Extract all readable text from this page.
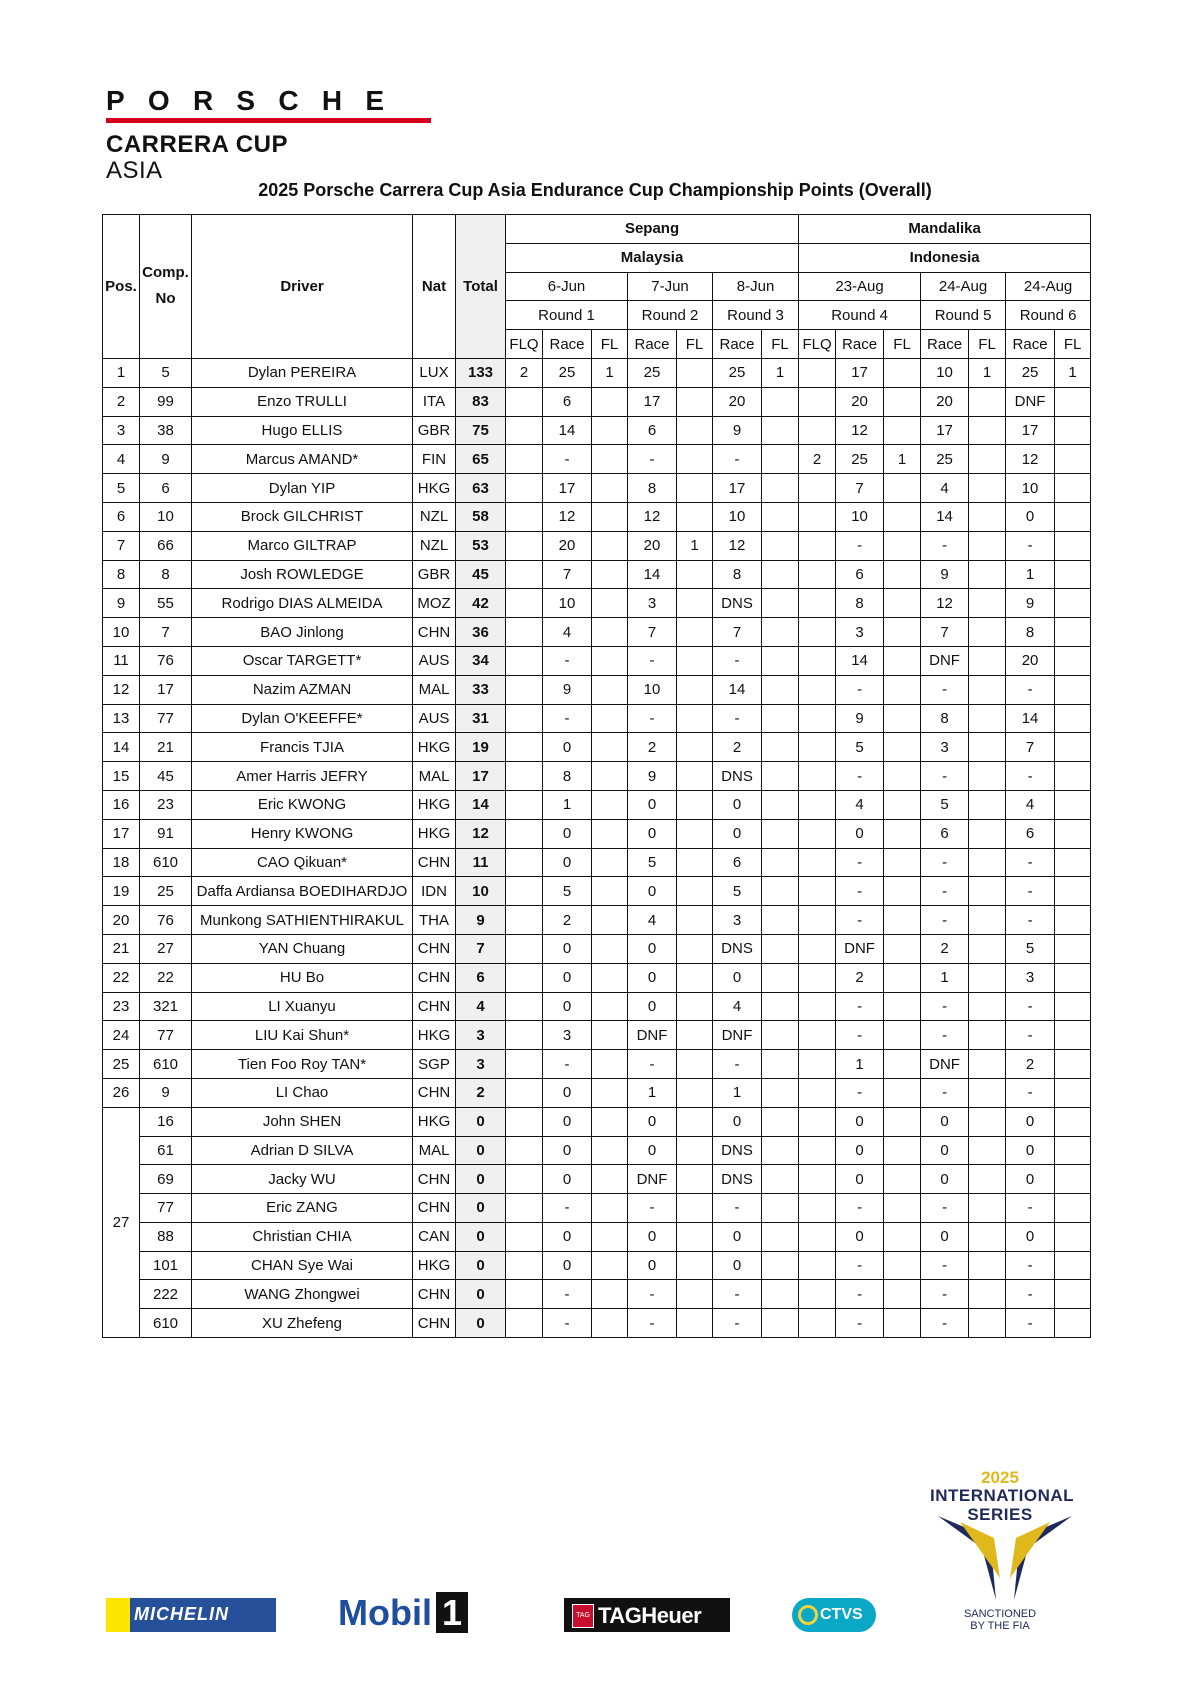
PORSCHE
CARRERA CUP
ASIA
2025 Porsche Carrera Cup Asia Endurance Cup Championship Points (Overall)
Pos.	Comp. No	Driver	Nat	Total	Sepang							Mandalika						
					Malaysia							Indonesia						
					6-Jun			7-Jun		8-Jun		23-Aug			24-Aug		24-Aug	
					Round 1			Round 2		Round 3		Round 4			Round 5		Round 6	
					FLQ	Race	FL	Race	FL	Race	FL	FLQ	Race	FL	Race	FL	Race	FL
1	5	Dylan PEREIRA	LUX	133	2	25	1	25		25	1		17		10	1	25	1
2	99	Enzo TRULLI	ITA	83		6		17		20			20		20		DNF	
3	38	Hugo ELLIS	GBR	75		14		6		9			12		17		17	
4	9	Marcus AMAND*	FIN	65		-		-		-		2	25	1	25		12	
5	6	Dylan YIP	HKG	63		17		8		17			7		4		10	
6	10	Brock GILCHRIST	NZL	58		12		12		10			10		14		0	
7	66	Marco GILTRAP	NZL	53		20		20	1	12			-		-		-	
8	8	Josh ROWLEDGE	GBR	45		7		14		8			6		9		1	
9	55	Rodrigo DIAS ALMEIDA	MOZ	42		10		3		DNS			8		12		9	
10	7	BAO Jinlong	CHN	36		4		7		7			3		7		8	
11	76	Oscar TARGETT*	AUS	34		-		-		-			14		DNF		20	
12	17	Nazim AZMAN	MAL	33		9		10		14			-		-		-	
13	77	Dylan O'KEEFFE*	AUS	31		-		-		-			9		8		14	
14	21	Francis TJIA	HKG	19		0		2		2			5		3		7	
15	45	Amer Harris JEFRY	MAL	17		8		9		DNS			-		-		-	
16	23	Eric KWONG	HKG	14		1		0		0			4		5		4	
17	91	Henry KWONG	HKG	12		0		0		0			0		6		6	
18	610	CAO Qikuan*	CHN	11		0		5		6			-		-		-	
19	25	Daffa Ardiansa BOEDIHARDJO	IDN	10		5		0		5			-		-		-	
20	76	Munkong SATHIENTHIRAKUL	THA	9		2		4		3			-		-		-	
21	27	YAN Chuang	CHN	7		0		0		DNS			DNF		2		5	
22	22	HU Bo	CHN	6		0		0		0			2		1		3	
23	321	LI Xuanyu	CHN	4		0		0		4			-		-		-	
24	77	LIU Kai Shun*	HKG	3		3		DNF		DNF			-		-		-	
25	610	Tien Foo Roy TAN*	SGP	3		-		-		-			1		DNF		2	
26	9	LI Chao	CHN	2		0		1		1			-		-		-	
27	16	John SHEN	HKG	0		0		0		0			0		0		0	
	61	Adrian D SILVA	MAL	0		0		0		DNS			0		0		0	
	69	Jacky WU	CHN	0		0		DNF		DNS			0		0		0	
	77	Eric ZANG	CHN	0		-		-		-			-		-		-	
	88	Christian CHIA	CAN	0		0		0		0			0		0		0	
	101	CHAN Sye Wai	HKG	0		0		0		0			-		-		-	
	222	WANG Zhongwei	CHN	0		-		-		-			-		-		-	
	610	XU Zhefeng	CHN	0		-		-		-			-		-		-	
MICHELIN	Mobil 1	TAG TAGHeuer	CTVS
2025
INTERNATIONAL
SERIES
SANCTIONED
BY THE FIA
